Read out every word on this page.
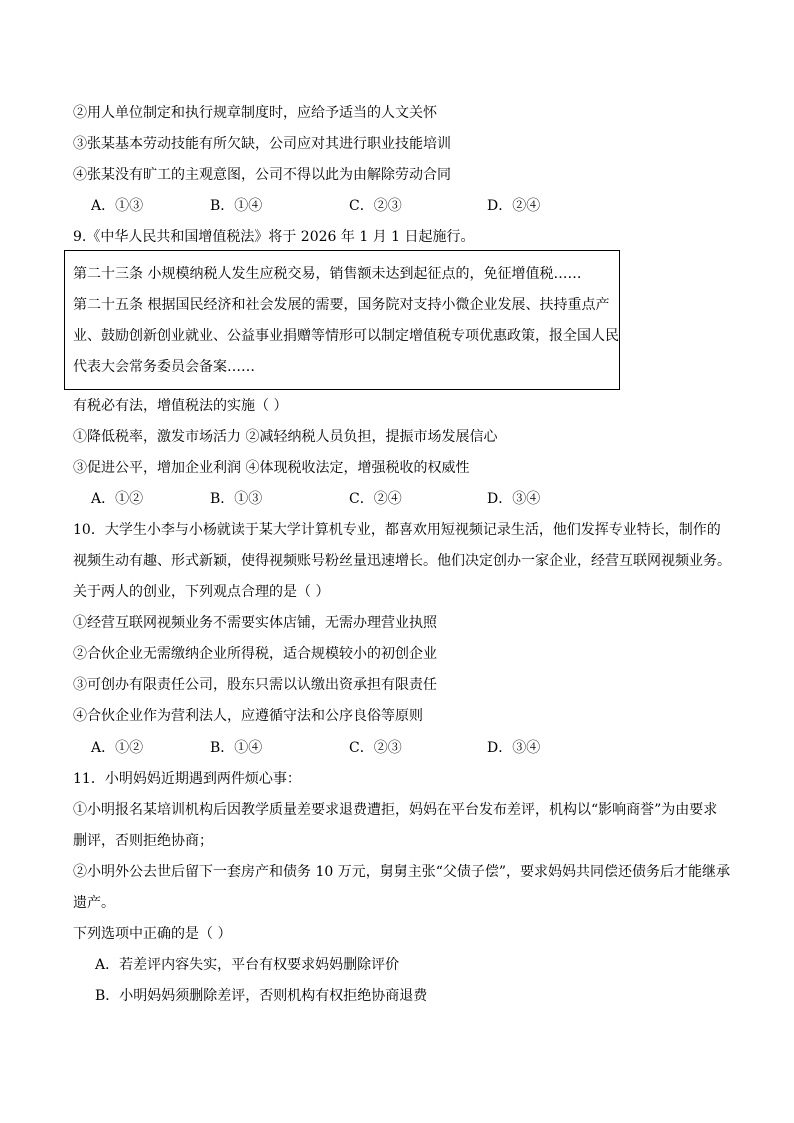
②用人单位制定和执行规章制度时，应给予适当的人文关怀
③张某基本劳动技能有所欠缺，公司应对其进行职业技能培训
④张某没有旷工的主观意图，公司不得以此为由解除劳动合同
A．①③	B．①④	C．②③	D．②④
9.《中华人民共和国增值税法》将于 2026 年 1 月 1 日起施行。
第二十三条 小规模纳税人发生应税交易，销售额未达到起征点的，免征增值税……
第二十五条 根据国民经济和社会发展的需要，国务院对支持小微企业发展、扶持重点产
业、鼓励创新创业就业、公益事业捐赠等情形可以制定增值税专项优惠政策，报全国人民
代表大会常务委员会备案……
有税必有法，增值税法的实施（ ）
①降低税率，激发市场活力 ②减轻纳税人员负担，提振市场发展信心
③促进公平，增加企业利润 ④体现税收法定，增强税收的权威性
A．①②	B．①③	C．②④	D．③④
10．大学生小李与小杨就读于某大学计算机专业，都喜欢用短视频记录生活，他们发挥专业特长，制作的
视频生动有趣、形式新颖，使得视频账号粉丝量迅速增长。他们决定创办一家企业，经营互联网视频业务。
关于两人的创业，下列观点合理的是（ ）
①经营互联网视频业务不需要实体店铺，无需办理营业执照
②合伙企业无需缴纳企业所得税，适合规模较小的初创企业
③可创办有限责任公司，股东只需以认缴出资承担有限责任
④合伙企业作为营利法人，应遵循守法和公序良俗等原则
A．①②	B．①④	C．②③	D．③④
11．小明妈妈近期遇到两件烦心事：
①小明报名某培训机构后因教学质量差要求退费遭拒，妈妈在平台发布差评，机构以“影响商誉”为由要求
删评，否则拒绝协商；
②小明外公去世后留下一套房产和债务 10 万元，舅舅主张“父债子偿”，要求妈妈共同偿还债务后才能继承
遗产。
下列选项中正确的是（ ）
A．若差评内容失实，平台有权要求妈妈删除评价
B．小明妈妈须删除差评，否则机构有权拒绝协商退费
